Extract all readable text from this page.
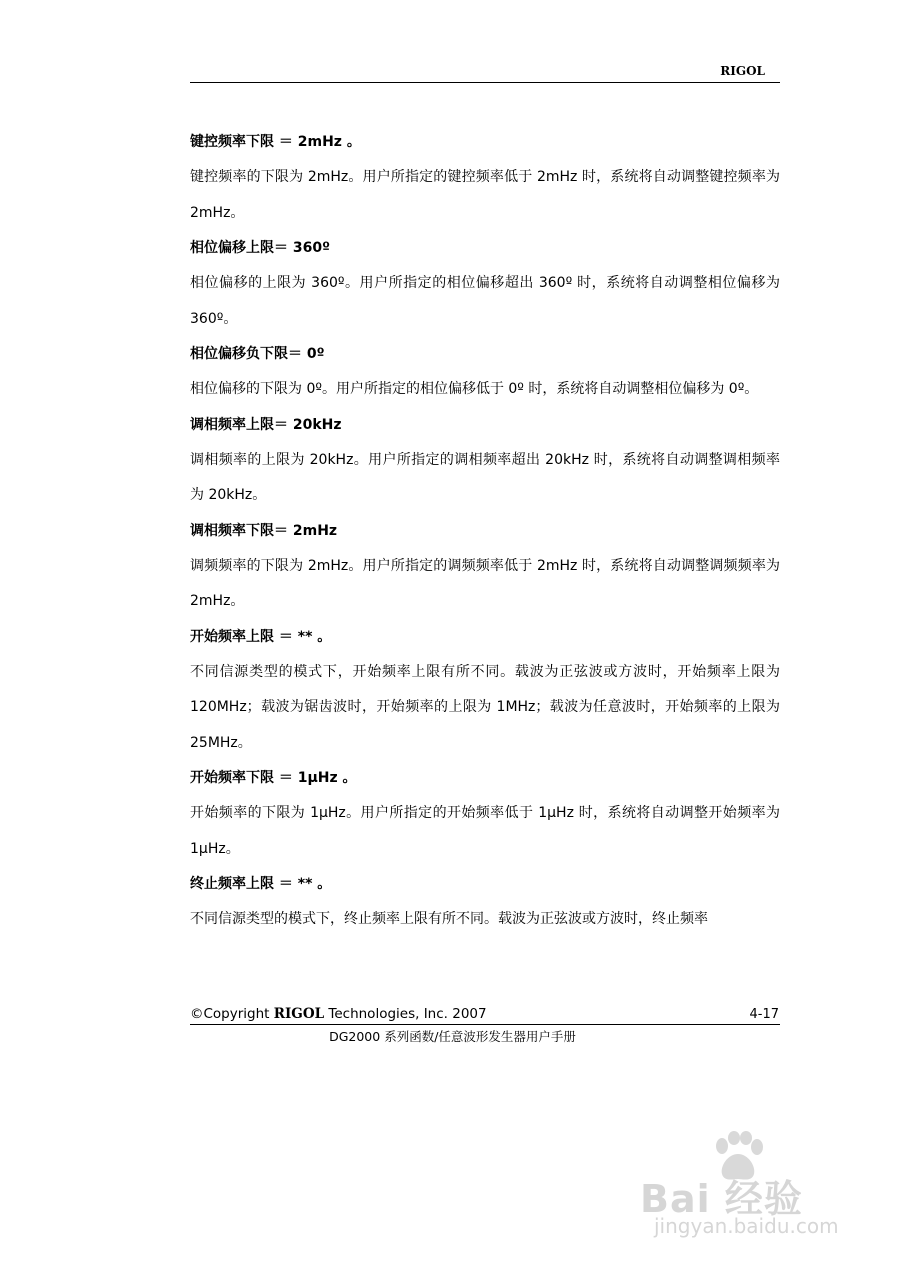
RIGOL
键控频率下限 ＝ 2mHz 。
键控频率的下限为 2mHz。用户所指定的键控频率低于 2mHz 时，系统将自动调整键控频率为 2mHz。
相位偏移上限＝ 360º
相位偏移的上限为 360º。用户所指定的相位偏移超出 360º 时，系统将自动调整相位偏移为 360º。
相位偏移负下限＝ 0º
相位偏移的下限为 0º。用户所指定的相位偏移低于 0º 时，系统将自动调整相位偏移为 0º。
调相频率上限＝ 20kHz
调相频率的上限为 20kHz。用户所指定的调相频率超出 20kHz 时，系统将自动调整调相频率为 20kHz。
调相频率下限＝ 2mHz
调频频率的下限为 2mHz。用户所指定的调频频率低于 2mHz 时，系统将自动调整调频频率为 2mHz。
开始频率上限 ＝ ** 。
不同信源类型的模式下，开始频率上限有所不同。载波为正弦波或方波时，开始频率上限为 120MHz；载波为锯齿波时，开始频率的上限为 1MHz；载波为任意波时，开始频率的上限为 25MHz。
开始频率下限 ＝ 1μHz 。
开始频率的下限为 1μHz。用户所指定的开始频率低于 1μHz 时，系统将自动调整开始频率为 1μHz。
终止频率上限 ＝ ** 。
不同信源类型的模式下，终止频率上限有所不同。载波为正弦波或方波时，终止频率
©Copyright RIGOL Technologies, Inc. 2007	4-17
DG2000 系列函数/任意波形发生器用户手册
Bai 经验
jingyan.baidu.com
